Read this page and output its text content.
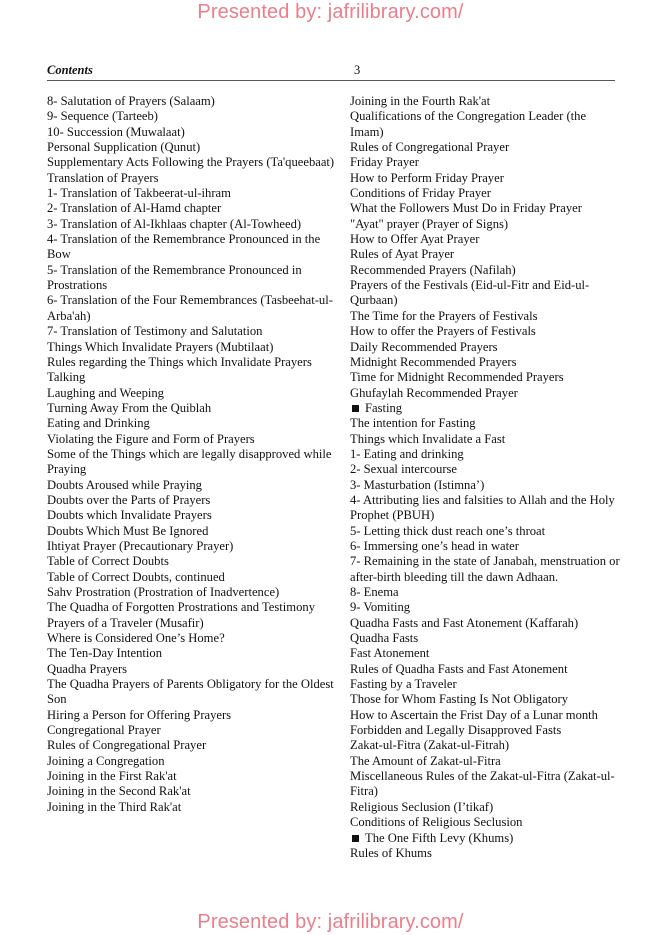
Presented by: jafrilibrary.com/
Contents	3
8- Salutation of Prayers (Salaam)
9- Sequence (Tarteeb)
10- Succession (Muwalaat)
Personal Supplication (Qunut)
Supplementary Acts Following the Prayers (Ta'queebaat)
Translation of Prayers
1- Translation of Takbeerat-ul-ihram
2- Translation of Al-Hamd chapter
3- Translation of Al-Ikhlaas chapter (Al-Towheed)
4- Translation of the Remembrance Pronounced in the Bow
5- Translation of the Remembrance Pronounced in Prostrations
6- Translation of the Four Remembrances (Tasbeehat-ul-Arba'ah)
7- Translation of Testimony and Salutation
Things Which Invalidate Prayers (Mubtilaat)
Rules regarding the Things which Invalidate Prayers
Talking
Laughing and Weeping
Turning Away From the Quiblah
Eating and Drinking
Violating the Figure and Form of Prayers
Some of the Things which are legally disapproved while Praying
Doubts Aroused while Praying
Doubts over the Parts of Prayers
Doubts which Invalidate Prayers
Doubts Which Must Be Ignored
Ihtiyat Prayer (Precautionary Prayer)
Table of Correct Doubts
Table of Correct Doubts, continued
Sahv Prostration (Prostration of Inadvertence)
The Quadha of Forgotten Prostrations and Testimony
Prayers of a Traveler (Musafir)
Where is Considered One’s Home?
The Ten-Day Intention
Quadha Prayers
The Quadha Prayers of Parents Obligatory for the Oldest Son
Hiring a Person for Offering Prayers
Congregational Prayer
Rules of Congregational Prayer
Joining a Congregation
Joining in the First Rak'at
Joining in the Second Rak'at
Joining in the Third Rak'at
Joining in the Fourth Rak'at
Qualifications of the Congregation Leader (the Imam)
Rules of Congregational Prayer
Friday Prayer
How to Perform Friday Prayer
Conditions of Friday Prayer
What the Followers Must Do in Friday Prayer
"Ayat" prayer (Prayer of Signs)
How to Offer Ayat Prayer
Rules of Ayat Prayer
Recommended Prayers (Nafilah)
Prayers of the Festivals (Eid-ul-Fitr and Eid-ul-Qurbaan)
The Time for the Prayers of Festivals
How to offer the Prayers of Festivals
Daily Recommended Prayers
Midnight Recommended Prayers
Time for Midnight Recommended Prayers
Ghufaylah Recommended Prayer
Fasting
The intention for Fasting
Things which Invalidate a Fast
1- Eating and drinking
2- Sexual intercourse
3- Masturbation (Istimna’)
4- Attributing lies and falsities to Allah and the Holy Prophet (PBUH)
5- Letting thick dust reach one’s throat
6- Immersing one’s head in water
7- Remaining in the state of Janabah, menstruation or after-birth bleeding till the dawn Adhaan.
8- Enema
9- Vomiting
Quadha Fasts and Fast Atonement (Kaffarah)
Quadha Fasts
Fast Atonement
Rules of Quadha Fasts and Fast Atonement
Fasting by a Traveler
Those for Whom Fasting Is Not Obligatory
How to Ascertain the Frist Day of a Lunar month
Forbidden and Legally Disapproved Fasts
Zakat-ul-Fitra (Zakat-ul-Fitrah)
The Amount of Zakat-ul-Fitra
Miscellaneous Rules of the Zakat-ul-Fitra (Zakat-ul-Fitra)
Religious Seclusion (I’tikaf)
Conditions of Religious Seclusion
The One Fifth Levy (Khums)
Rules of Khums
Presented by: jafrilibrary.com/
